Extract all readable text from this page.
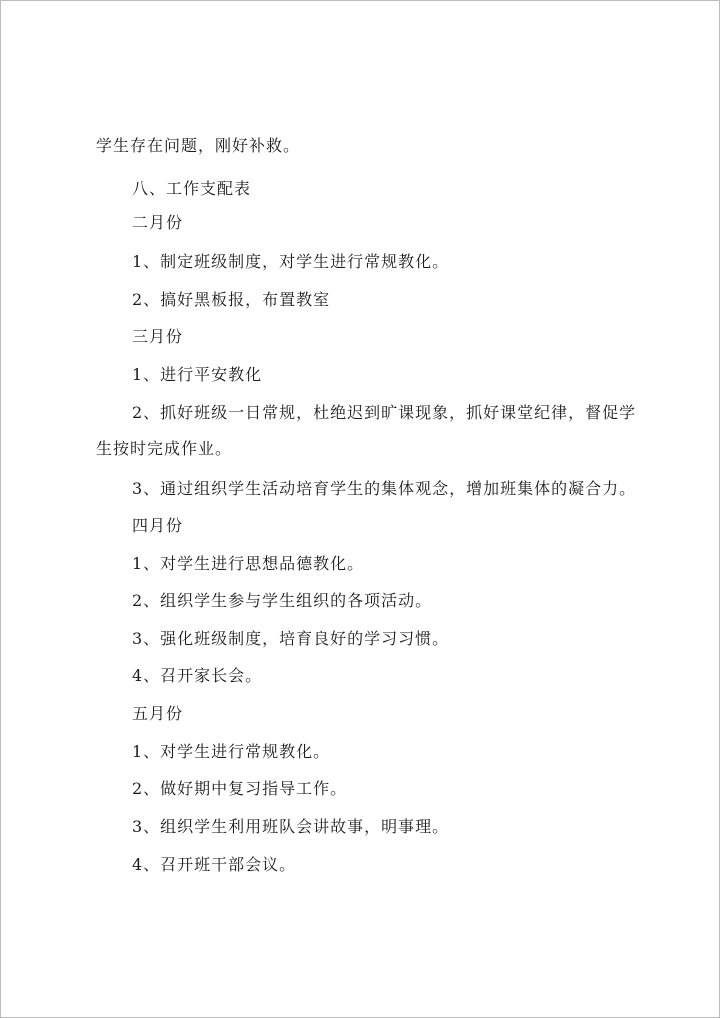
学生存在问题，刚好补救。
八、工作支配表
二月份
1、制定班级制度，对学生进行常规教化。
2、搞好黑板报，布置教室
三月份
1、进行平安教化
2、抓好班级一日常规，杜绝迟到旷课现象，抓好课堂纪律，督促学
生按时完成作业。
3、通过组织学生活动培育学生的集体观念，增加班集体的凝合力。
四月份
1、对学生进行思想品德教化。
2、组织学生参与学生组织的各项活动。
3、强化班级制度，培育良好的学习习惯。
4、召开家长会。
五月份
1、对学生进行常规教化。
2、做好期中复习指导工作。
3、组织学生利用班队会讲故事，明事理。
4、召开班干部会议。
